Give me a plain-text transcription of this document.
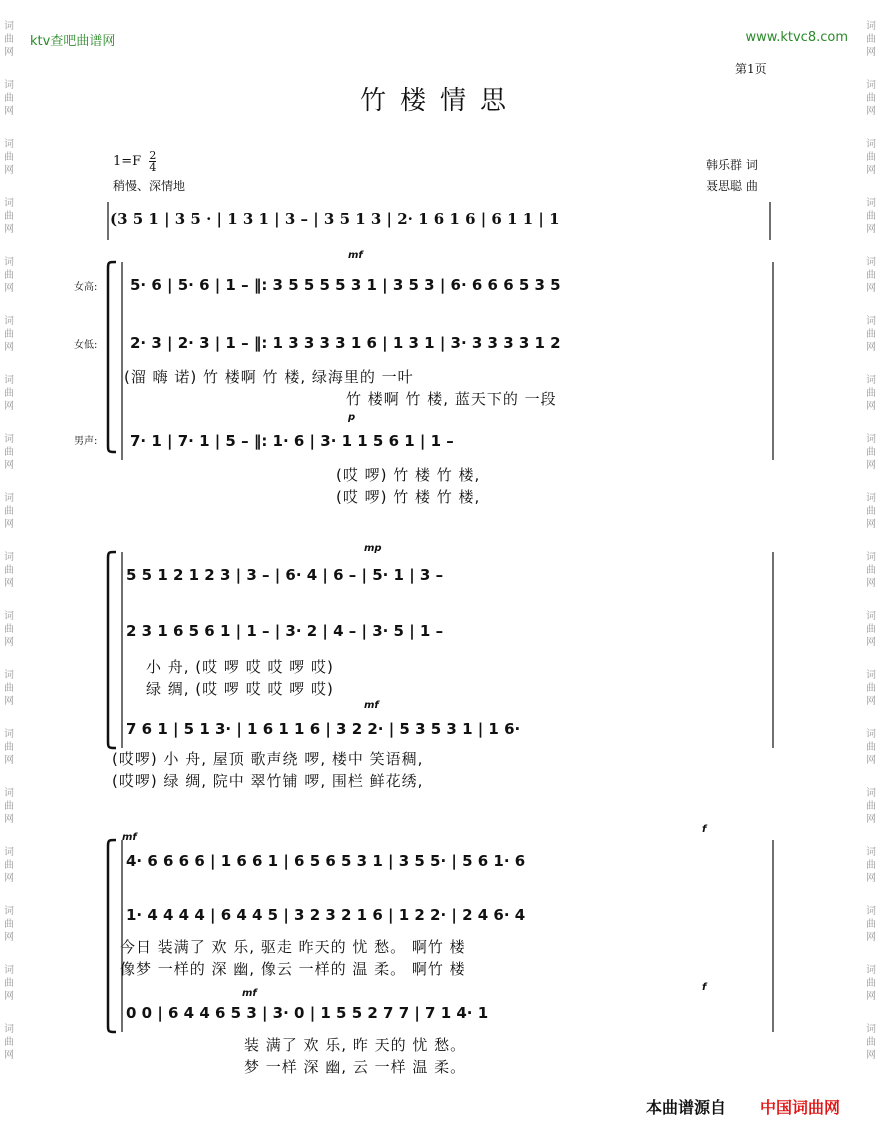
词
曲
网
词
曲
网
词
曲
网
词
曲
网
词
曲
网
词
曲
网
词
曲
网
词
曲
网
词
曲
网
词
曲
网
词
曲
网
词
曲
网
词
曲
网
词
曲
网
词
曲
网
词
曲
网
词
曲
网
词
曲
网
词
曲
网
词
曲
网
词
曲
网
词
曲
网
词
曲
网
词
曲
网
词
曲
网
词
曲
网
词
曲
网
词
曲
网
词
曲
网
词
曲
网
词
曲
网
词
曲
网
词
曲
网
词
曲
网
词
曲
网
词
曲
网
ktv查吧曲谱网	www.ktvc8.com
第1页
竹楼情思
$1=F \frac{2}{4}$
稍慢、深情地
韩乐群 词
聂思聪 曲
(3 5 1 | 3 5 · | 1 3 1 | 3 – | 3 5 1 3 | 2· 1 6 1 6 | 6 1 1 | 1
女高:
女低:
男声:
mf
p
5· 6 | 5· 6 | 1 – ‖: 3 5 5 5 5 3 1 | 3 5 3 | 6· 6 6 6 5 3 5
2· 3 | 2· 3 | 1 – ‖: 1 3 3 3 3 1 6 | 1 3 1 | 3· 3 3 3 3 1 2
(溜 嗨 诺) 竹 楼啊 竹 楼, 绿海里的 一叶
竹 楼啊 竹 楼, 蓝天下的 一段
7· 1 | 7· 1 | 5 – ‖: 1· 6 | 3· 1 1 5 6 1 | 1 –
(哎 啰) 竹 楼 竹 楼,
(哎 啰) 竹 楼 竹 楼,
mp
mf
5 5 1 2 1 2 3 | 3 – | 6· 4 | 6 – | 5· 1 | 3 –
2 3 1 6 5 6 1 | 1 – | 3· 2 | 4 – | 3· 5 | 1 –
小 舟, (哎 啰 哎 哎 啰 哎)
绿 绸, (哎 啰 哎 哎 啰 哎)
7 6 1 | 5 1 3· | 1 6 1 1 6 | 3 2 2· | 5 3 5 3 1 | 1 6·
(哎啰) 小 舟, 屋顶 歌声绕 啰, 楼中 笑语稠,
(哎啰) 绿 绸, 院中 翠竹铺 啰, 围栏 鲜花绣,
mf
f
mf
f
4· 6 6 6 6 | 1 6 6 1 | 6 5 6 5 3 1 | 3 5 5· | 5 6 1· 6
1· 4 4 4 4 | 6 4 4 5 | 3 2 3 2 1 6 | 1 2 2· | 2 4 6· 4
今日 装满了 欢 乐, 驱走 昨天的 忧 愁。 啊竹 楼
像梦 一样的 深 幽, 像云 一样的 温 柔。 啊竹 楼
0 0 | 6 4 4 6 5 3 | 3· 0 | 1 5 5 2 7 7 | 7 1 4· 1
装 满了 欢 乐, 昨 天的 忧 愁。
梦 一样 深 幽, 云 一样 温 柔。
本曲谱源自 中国词曲网
